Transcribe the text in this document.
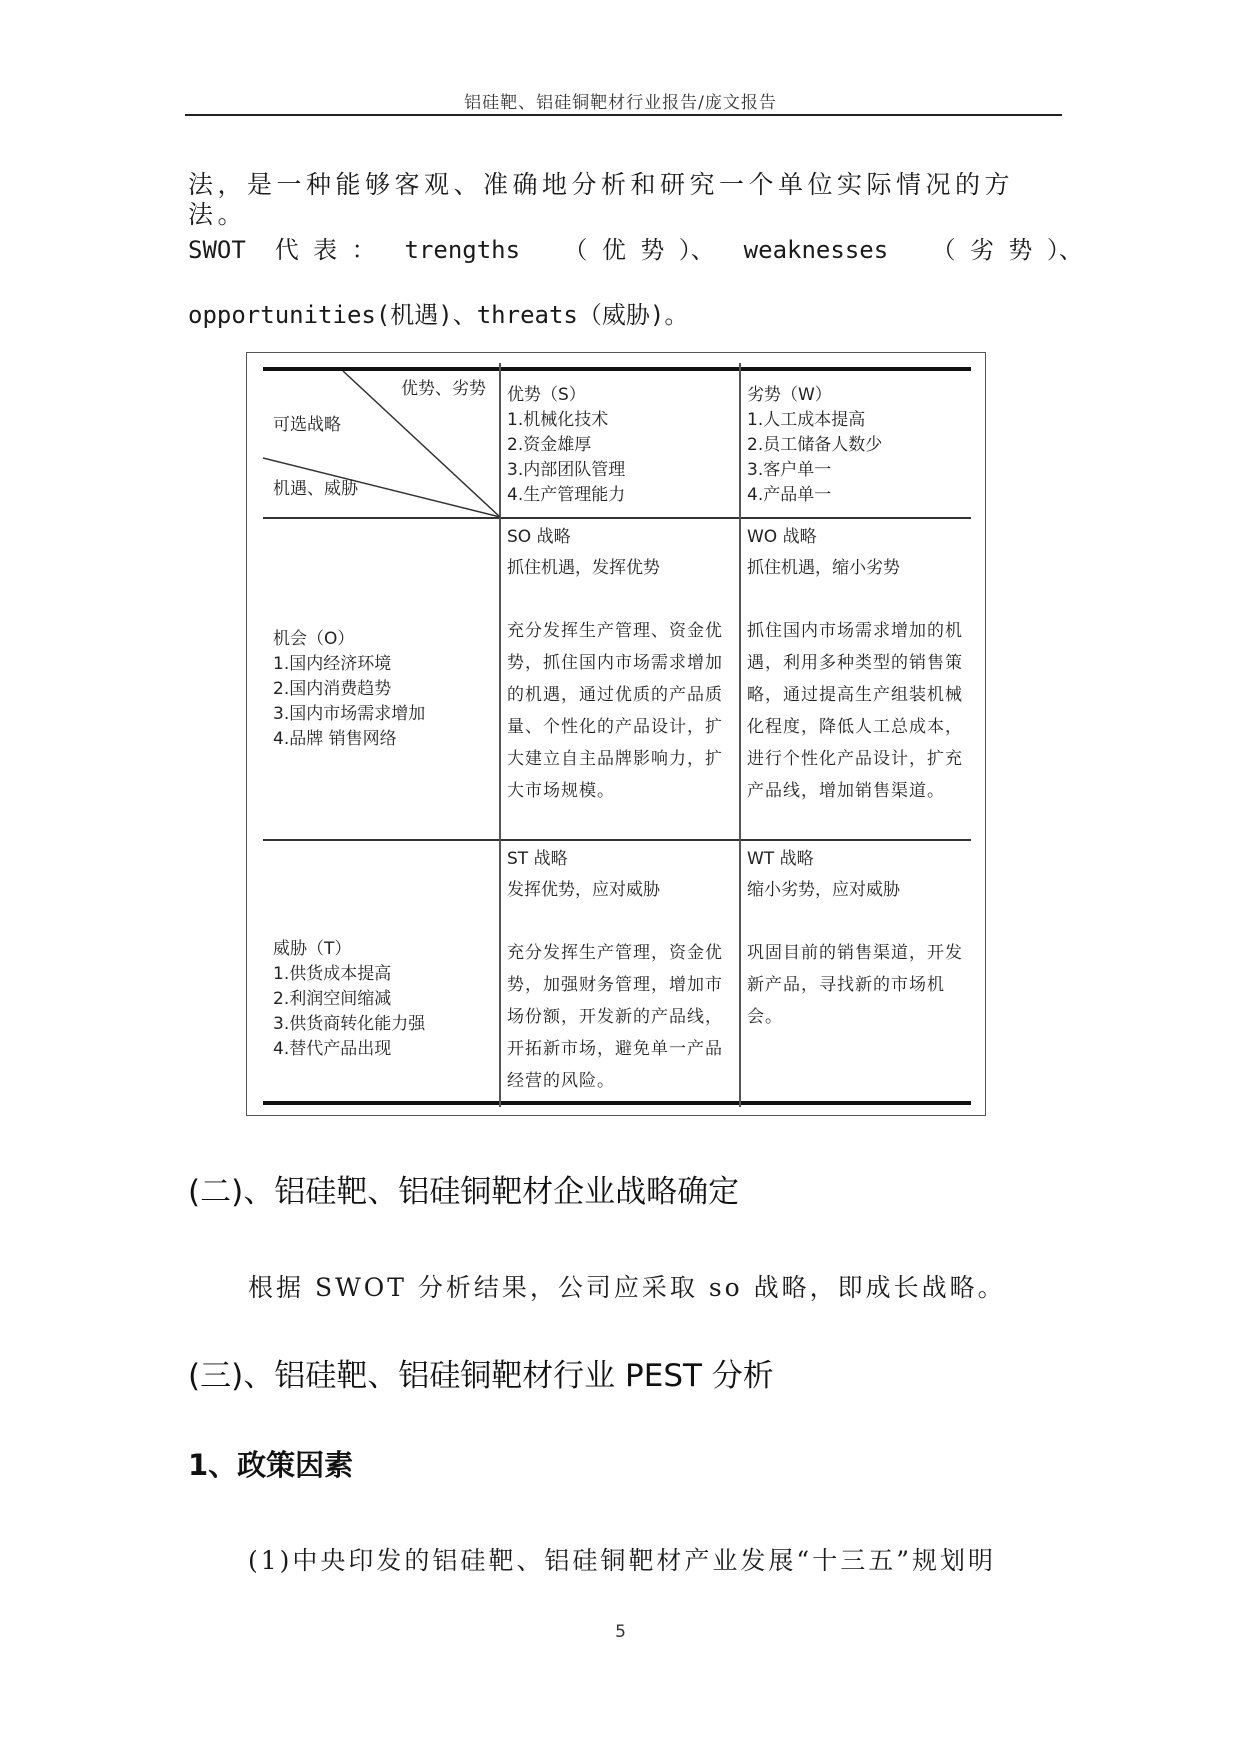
铝硅靶、铝硅铜靶材行业报告/庞文报告
法，是一种能够客观、准确地分析和研究一个单位实际情况的方法。
SWOT  代 表 ：  trengths   （ 优 势 ）、  weaknesses   （ 劣 势 ）、
opportunities(机遇)、threats（威胁)。
优势、劣势
可选战略
机遇、威胁

优势（S）

1.机械化技术

2.资金雄厚

3.内部团队管理

4.生产管理能力

劣势（W）

1.人工成本提高

2.员工储备人数少

3.客户单一

4.产品单一

机会（O）

1.国内经济环境

2.国内消费趋势

3.国内市场需求增加

4.品牌 销售网络

SO 战略

抓住机遇，发挥优势

充分发挥生产管理、资金优势，抓住国内市场需求增加的机遇，通过优质的产品质量、个性化的产品设计，扩大建立自主品牌影响力，扩大市场规模。

WO 战略

抓住机遇，缩小劣势

抓住国内市场需求增加的机遇，利用多种类型的销售策略，通过提高生产组装机械化程度，降低人工总成本，进行个性化产品设计，扩充产品线，增加销售渠道。

威胁（T）

1.供货成本提高

2.利润空间缩减

3.供货商转化能力强

4.替代产品出现

ST 战略

发挥优势，应对威胁

充分发挥生产管理，资金优势，加强财务管理，增加市场份额，开发新的产品线，开拓新市场，避免单一产品经营的风险。

WT 战略

缩小劣势，应对威胁

巩固目前的销售渠道，开发新产品，寻找新的市场机会。

(二)、铝硅靶、铝硅铜靶材企业战略确定
根据 SWOT 分析结果，公司应采取 so 战略，即成长战略。
(三)、铝硅靶、铝硅铜靶材行业 PEST 分析
1、政策因素
(1)中央印发的铝硅靶、铝硅铜靶材产业发展“十三五”规划明
5
